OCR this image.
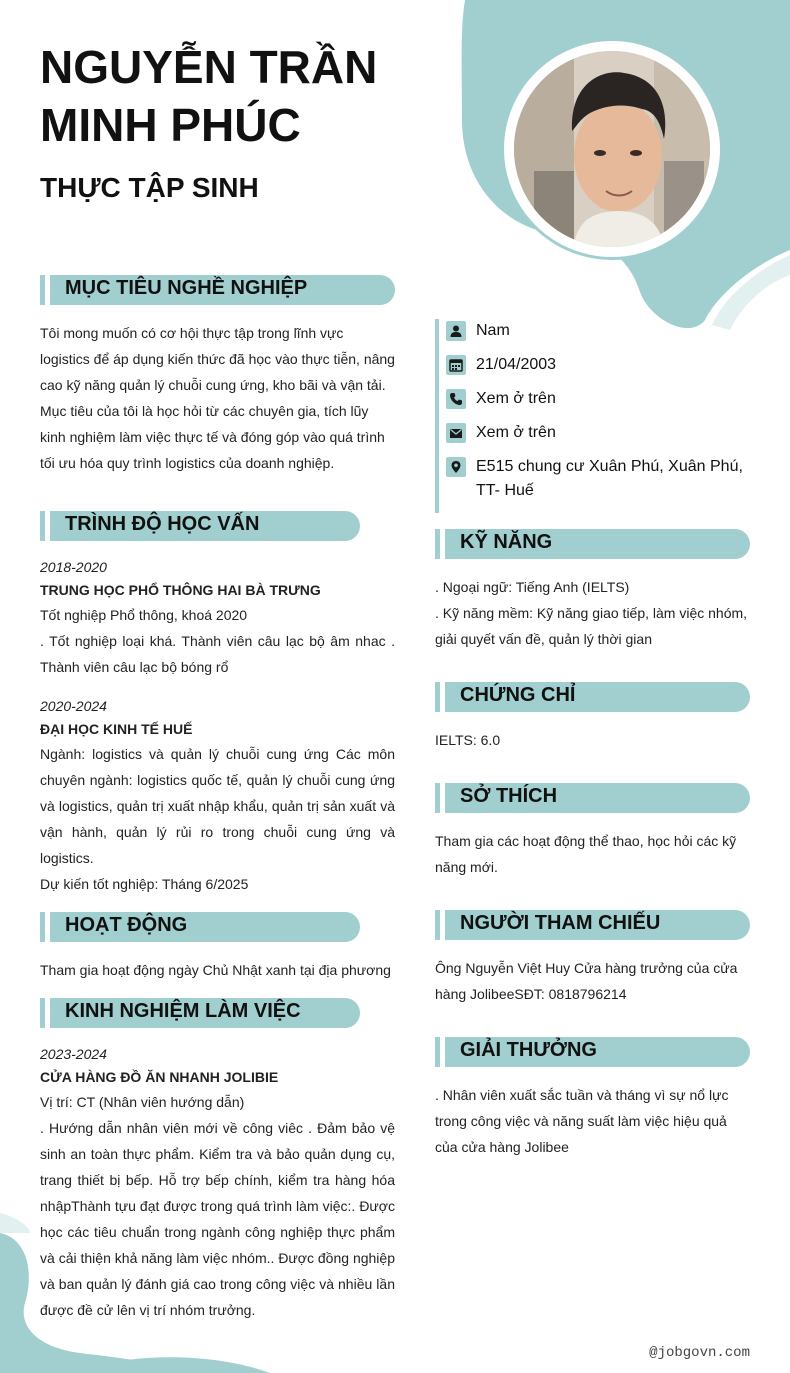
NGUYỄN TRẦN
MINH PHÚC
THỰC TẬP SINH
MỤC TIÊU NGHỀ NGHIỆP
Tôi mong muốn có cơ hội thực tập trong lĩnh vực logistics để áp dụng kiến thức đã học vào thực tiễn, nâng cao kỹ năng quản lý chuỗi cung ứng, kho bãi và vận tải. Mục tiêu của tôi là học hỏi từ các chuyên gia, tích lũy kinh nghiệm làm việc thực tế và đóng góp vào quá trình tối ưu hóa quy trình logistics của doanh nghiệp.
TRÌNH ĐỘ HỌC VẤN
2018-2020
TRUNG HỌC PHỔ THÔNG HAI BÀ TRƯNG
Tốt nghiệp Phổ thông, khoá 2020
. Tốt nghiệp loại khá. Thành viên câu lạc bộ âm nhac . Thành viên câu lạc bộ bóng rổ
2020-2024
ĐẠI HỌC KINH TẾ HUẾ
Ngành: logistics và quản lý chuỗi cung ứng Các môn chuyên ngành: logistics quốc tế, quản lý chuỗi cung ứng và logistics, quản trị xuất nhập khẩu, quản trị sản xuất và vận hành, quản lý rủi ro trong chuỗi cung ứng và logistics.
Dự kiến tốt nghiệp: Tháng 6/2025
HOẠT ĐỘNG
Tham gia hoạt động ngày Chủ Nhật xanh tại địa phương
KINH NGHIỆM LÀM VIỆC
2023-2024
CỬA HÀNG ĐỒ ĂN NHANH JOLIBIE
Vị trí: CT (Nhân viên hướng dẫn)
. Hướng dẫn nhân viên mới về công viêc . Đảm bảo vệ sinh an toàn thực phẩm. Kiểm tra và bảo quản dụng cụ, trang thiết bị bếp. Hỗ trợ bếp chính, kiểm tra hàng hóa nhậpThành tựu đạt được trong quá trình làm việc:. Được học các tiêu chuẩn trong ngành công nghiệp thực phẩm và cải thiện khả năng làm việc nhóm.. Được đồng nghiệp và ban quản lý đánh giá cao trong công việc và nhiều lần được đề cử lên vị trí nhóm trưởng.
Nam
21/04/2003
Xem ở trên
Xem ở trên
E515 chung cư Xuân Phú, Xuân Phú, TT- Huế
KỸ NĂNG
. Ngoại ngữ: Tiếng Anh (IELTS)
. Kỹ năng mềm: Kỹ năng giao tiếp, làm việc nhóm, giải quyết vấn đề, quản lý thời gian
CHỨNG CHỈ
IELTS: 6.0
SỞ THÍCH
Tham gia các hoạt động thể thao, học hỏi các kỹ năng mới.
NGƯỜI THAM CHIẾU
Ông Nguyễn Việt Huy Cửa hàng trưởng của cửa hàng JolibeeSĐT: 0818796214
GIẢI THƯỞNG
. Nhân viên xuất sắc tuần và tháng vì sự nổ lực trong công việc và năng suất làm việc hiệu quả của cửa hàng Jolibee
@jobgovn.com
